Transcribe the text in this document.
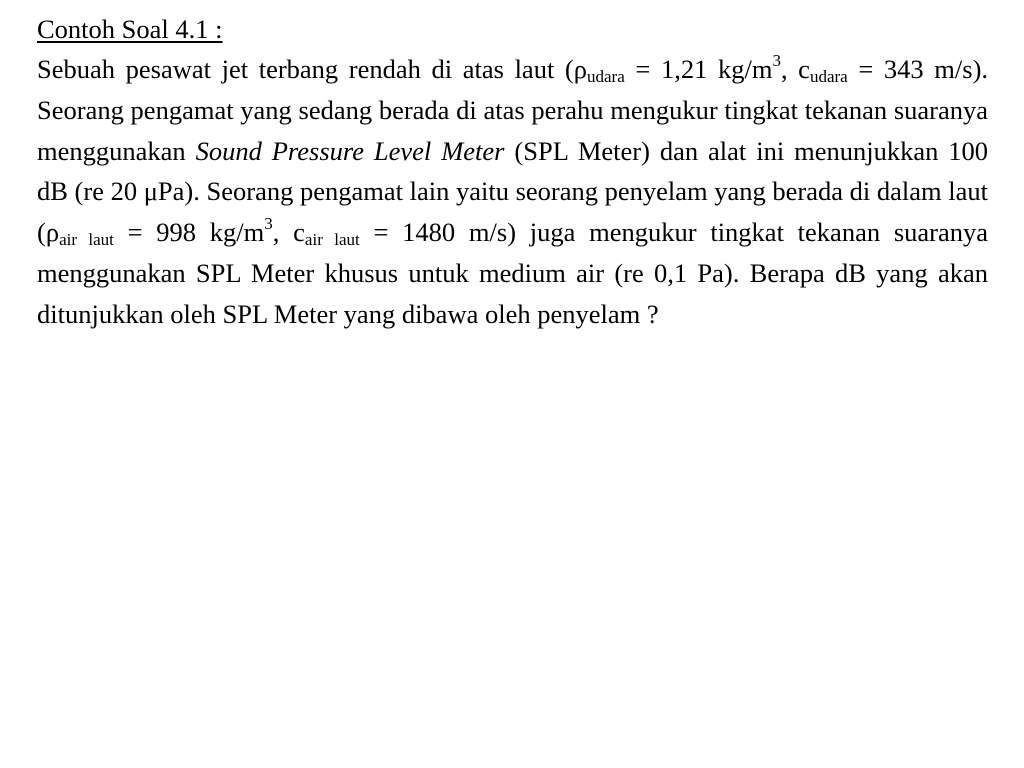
Contoh Soal 4.1 :
Sebuah pesawat jet terbang rendah di atas laut ($\rho_{udara} = 1,21$ $kg/m^3$, $c_{udara} = 343$ m/s). Seorang pengamat yang sedang berada di atas perahu mengukur tingkat tekanan suaranya menggunakan Sound Pressure Level Meter (SPL Meter) dan alat ini menunjukkan 100 dB (re 20 μPa). Seorang pengamat lain yaitu seorang penyelam yang berada di dalam laut ($\rho_{air laut} = 998$ $kg/m^3$, $c_{air laut} = 1480$ m/s) juga mengukur tingkat tekanan suaranya menggunakan SPL Meter khusus untuk medium air (re 0,1 Pa). Berapa dB yang akan ditunjukkan oleh SPL Meter yang dibawa oleh penyelam ?
